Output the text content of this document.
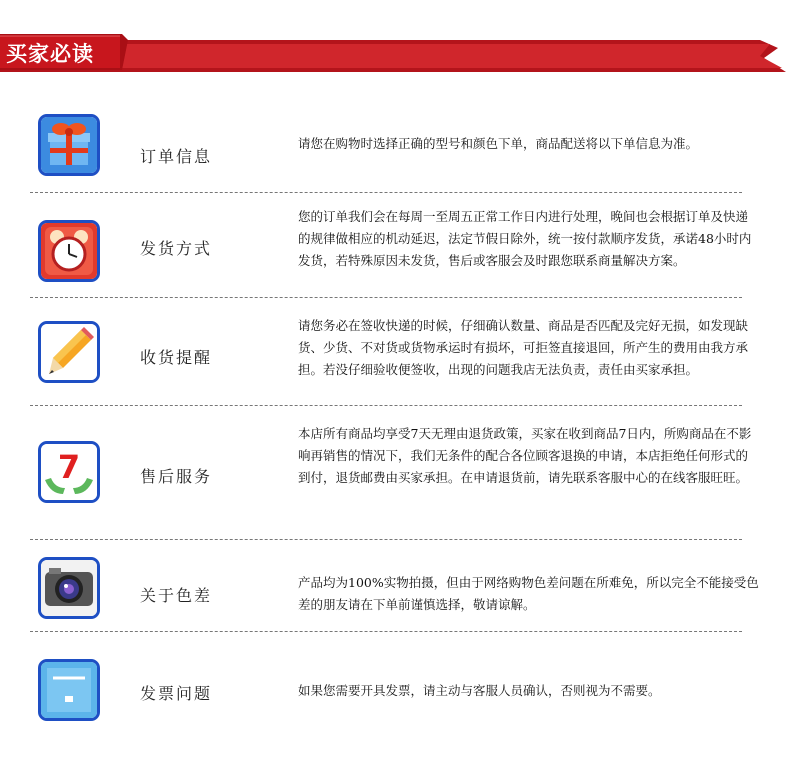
买家必读
订单信息
请您在购物时选择正确的型号和颜色下单，商品配送将以下单信息为准。
发货方式
您的订单我们会在每周一至周五正常工作日内进行处理，晚间也会根据订单及快递的规律做相应的机动延迟，法定节假日除外，统一按付款顺序发货，承诺48小时内发货，若特殊原因未发货，售后或客服会及时跟您联系商量解决方案。
收货提醒
请您务必在签收快递的时候，仔细确认数量、商品是否匹配及完好无损，如发现缺货、少货、不对货或货物承运时有损坏，可拒签直接退回，所产生的费用由我方承担。若没仔细验收便签收，出现的问题我店无法负责，责任由买家承担。
7	售后服务
本店所有商品均享受7天无理由退货政策，买家在收到商品7日内，所购商品在不影响再销售的情况下，我们无条件的配合各位顾客退换的申请，本店拒绝任何形式的到付，退货邮费由买家承担。在申请退货前，请先联系客服中心的在线客服旺旺。
关于色差
产品均为100%实物拍摄，但由于网络购物色差问题在所难免，所以完全不能接受色差的朋友请在下单前谨慎选择，敬请谅解。
发票问题	如果您需要开具发票，请主动与客服人员确认，否则视为不需要。
